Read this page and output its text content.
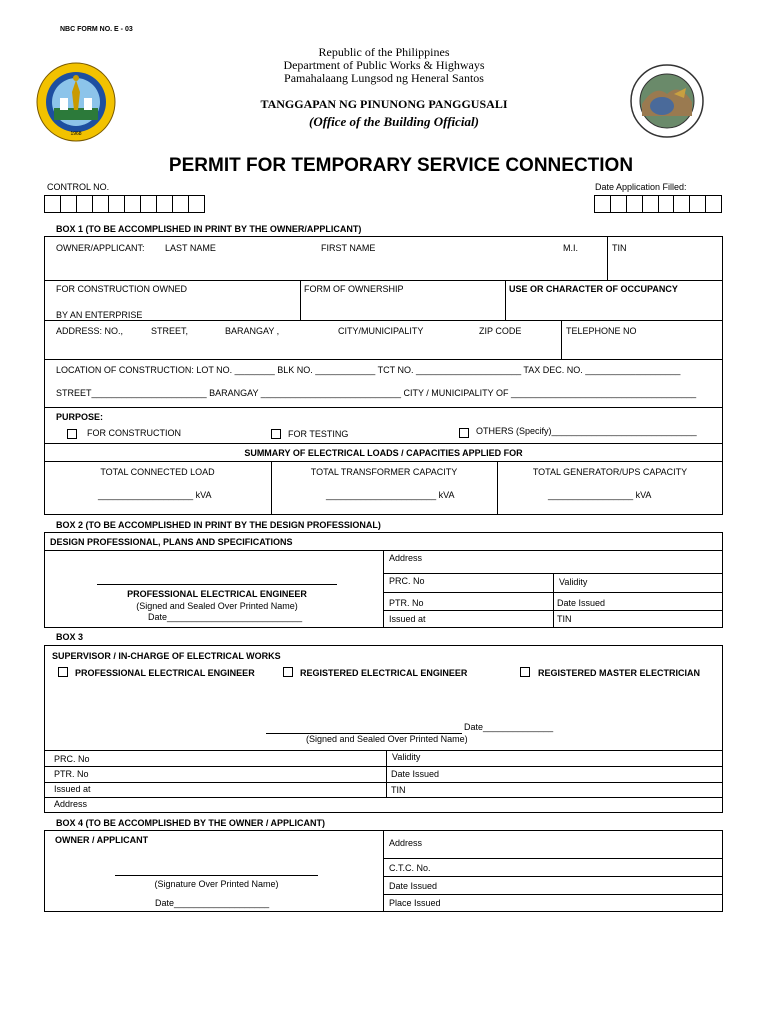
NBC FORM NO. E - 03
1968
Republic of the Philippines
Department of Public Works & Highways
Pamahalaang Lungsod ng Heneral Santos
TANGGAPAN NG PINUNONG PANGGUSALI
(Office of the Building Official)
PERMIT FOR TEMPORARY SERVICE CONNECTION
CONTROL NO.	Date Application Filled:
BOX 1 (TO BE ACCOMPLISHED IN PRINT BY THE OWNER/APPLICANT)
OWNER/APPLICANT: LAST NAME	FIRST NAME	M.I.	TIN
FOR CONSTRUCTION OWNED
BY AN ENTERPRISE
FORM OF OWNERSHIP	USE OR CHARACTER OF OCCUPANCY
ADDRESS: NO.,	STREET,	BARANGAY ,	CITY/MUNICIPALITY	ZIP CODE	TELEPHONE NO
LOCATION OF CONSTRUCTION: LOT NO. ________ BLK NO. ____________ TCT NO. _____________________ TAX DEC. NO. ___________________
STREET_______________________ BARANGAY ____________________________ CITY / MUNICIPALITY OF _____________________________________
PURPOSE:
FOR CONSTRUCTION	FOR TESTING	OTHERS (Specify)_____________________________
SUMMARY OF ELECTRICAL LOADS / CAPACITIES APPLIED FOR
TOTAL CONNECTED LOAD	TOTAL TRANSFORMER CAPACITY	TOTAL GENERATOR/UPS CAPACITY
___________________ kVA	______________________ kVA	_________________ kVA
BOX 2 (TO BE ACCOMPLISHED IN PRINT BY THE DESIGN PROFESSIONAL)
DESIGN PROFESSIONAL, PLANS AND SPECIFICATIONS
PROFESSIONAL ELECTRICAL ENGINEER
(Signed and Sealed Over Printed Name)
Date___________________________
Address
PRC. No	Validity
PTR. No	Date Issued
Issued at	TIN
BOX 3
SUPERVISOR / IN-CHARGE OF ELECTRICAL WORKS
PROFESSIONAL ELECTRICAL ENGINEER	REGISTERED ELECTRICAL ENGINEER	REGISTERED MASTER ELECTRICIAN
Date______________
(Signed and Sealed Over Printed Name)
PRC. No	Validity
PTR. No	Date Issued
Issued at	TIN
Address
BOX 4 (TO BE ACCOMPLISHED BY THE OWNER / APPLICANT)
OWNER / APPLICANT
(Signature Over Printed Name)
Date___________________
Address
C.T.C. No.
Date Issued
Place Issued
